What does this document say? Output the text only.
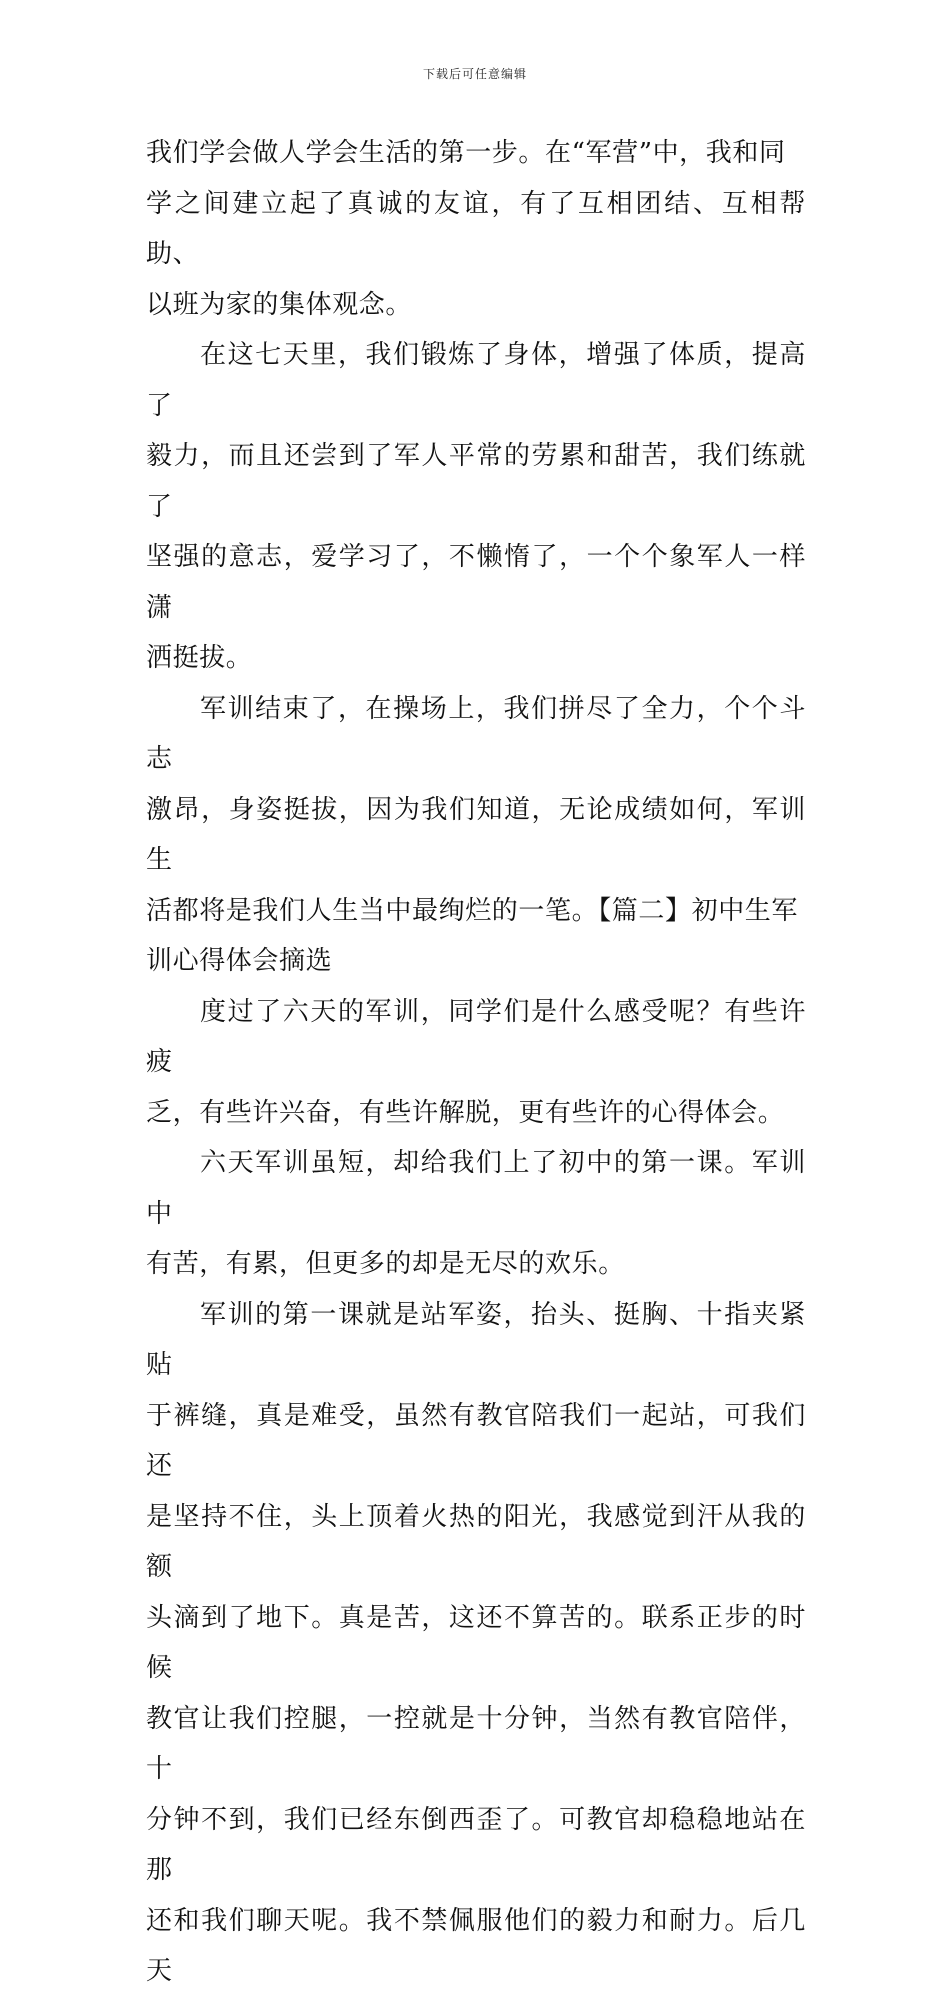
下载后可任意编辑

我们学会做人学会生活的第一步。在“军营”中，我和同
学之间建立起了真诚的友谊，有了互相团结、互相帮助、
以班为家的集体观念。

在这七天里，我们锻炼了身体，增强了体质，提高了
毅力，而且还尝到了军人平常的劳累和甜苦，我们练就了
坚强的意志，爱学习了，不懒惰了，一个个象军人一样潇
洒挺拔。

军训结束了，在操场上，我们拼尽了全力，个个斗志
激昂，身姿挺拔，因为我们知道，无论成绩如何，军训生
活都将是我们人生当中最绚烂的一笔。【篇二】初中生军
训心得体会摘选

度过了六天的军训，同学们是什么感受呢？有些许疲
乏，有些许兴奋，有些许解脱，更有些许的心得体会。

六天军训虽短，却给我们上了初中的第一课。军训中
有苦，有累，但更多的却是无尽的欢乐。

军训的第一课就是站军姿，抬头、挺胸、十指夹紧贴
于裤缝，真是难受，虽然有教官陪我们一起站，可我们还
是坚持不住，头上顶着火热的阳光，我感觉到汗从我的额
头滴到了地下。真是苦，这还不算苦的。联系正步的时候
教官让我们控腿，一控就是十分钟，当然有教官陪伴，十
分钟不到，我们已经东倒西歪了。可教官却稳稳地站在那
还和我们聊天呢。我不禁佩服他们的毅力和耐力。后几天
